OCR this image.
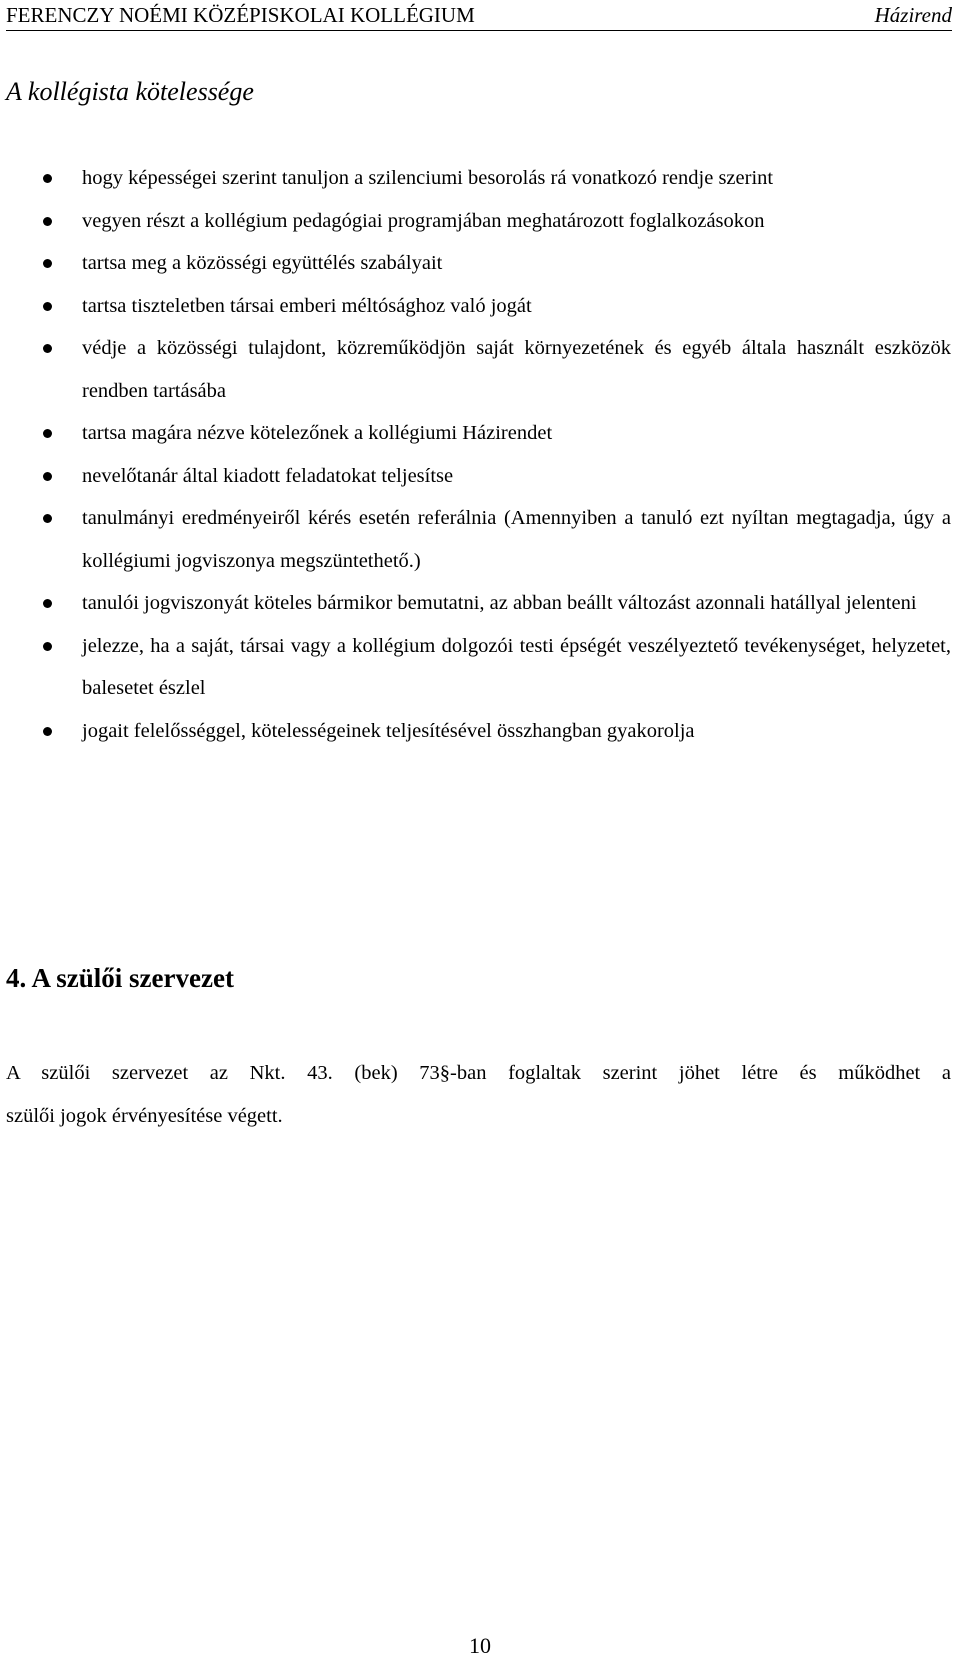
FERENCZY NOÉMI KÖZÉPISKOLAI KOLLÉGIUM	Házirend
A kollégista kötelessége
hogy képességei szerint tanuljon a szilenciumi besorolás rá vonatkozó rendje szerint
vegyen részt a kollégium pedagógiai programjában meghatározott foglalkozásokon
tartsa meg a közösségi együttélés szabályait
tartsa tiszteletben társai emberi méltósághoz való jogát
védje a közösségi tulajdont, közreműködjön saját környezetének és egyéb általa használt eszközök rendben tartásába
tartsa magára nézve kötelezőnek a kollégiumi Házirendet
nevelőtanár által kiadott feladatokat teljesítse
tanulmányi eredményeiről kérés esetén referálnia (Amennyiben a tanuló ezt nyíltan megtagadja, úgy a kollégiumi jogviszonya megszüntethető.)
tanulói jogviszonyát köteles bármikor bemutatni, az abban beállt változást azonnali hatállyal jelenteni
jelezze, ha a saját, társai vagy a kollégium dolgozói testi épségét veszélyeztető tevékenységet, helyzetet, balesetet észlel
jogait felelősséggel, kötelességeinek teljesítésével összhangban gyakorolja
4. A szülői szervezet
A szülői szervezet az Nkt. 43. (bek) 73§-ban foglaltak szerint jöhet létre és működhet a
szülői jogok érvényesítése végett.
10
